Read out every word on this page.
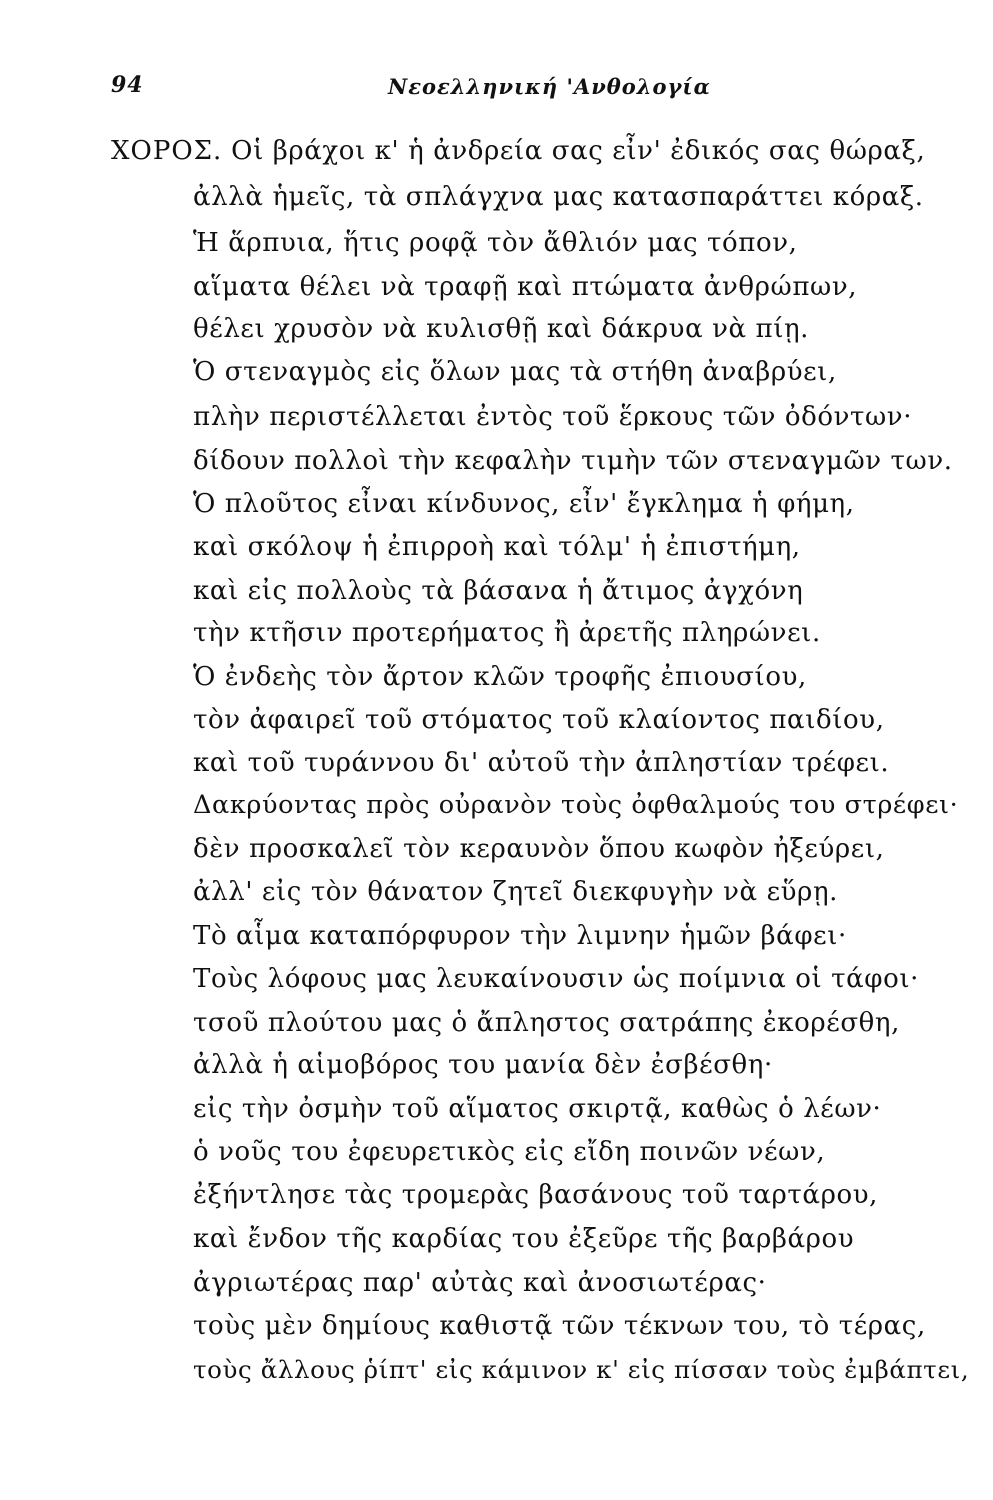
94	Νεοελληνική 'Ανθολογία
ΧΟΡΟΣ. Οἱ βράχοι κ' ἡ ἀνδρεία σας εἶν' ἐδικός σας θώραξ,
ἀλλὰ ἡμεῖς, τὰ σπλάγχνα μας κατασπαράττει κόραξ.
Ἡ ἅρπυια, ἥτις ροφᾷ τὸν ἄθλιόν μας τόπον,
αἵματα θέλει νὰ τραφῇ καὶ πτώματα ἀνθρώπων,
θέλει χρυσὸν νὰ κυλισθῇ καὶ δάκρυα νὰ πίῃ.
Ὁ στεναγμὸς εἰς ὅλων μας τὰ στήθη ἀναβρύει,
πλὴν περιστέλλεται ἐντὸς τοῦ ἕρκους τῶν ὀδόντων·
δίδουν πολλοὶ τὴν κεφαλὴν τιμὴν τῶν στεναγμῶν των.
Ὁ πλοῦτος εἶναι κίνδυνος, εἶν' ἔγκλημα ἡ φήμη,
καὶ σκόλοψ ἡ ἐπιρροὴ καὶ τόλμ' ἡ ἐπιστήμη,
καὶ εἰς πολλοὺς τὰ βάσανα ἡ ἄτιμος ἀγχόνη
τὴν κτῆσιν προτερήματος ἢ ἀρετῆς πληρώνει.
Ὁ ἐνδεὴς τὸν ἄρτον κλῶν τροφῆς ἐπιουσίου,
τὸν ἀφαιρεῖ τοῦ στόματος τοῦ κλαίοντος παιδίου,
καὶ τοῦ τυράννου δι' αὐτοῦ τὴν ἀπληστίαν τρέφει.
Δακρύοντας πρὸς οὐρανὸν τοὺς ὀφθαλμούς του στρέφει·
δὲν προσκαλεῖ τὸν κεραυνὸν ὅπου κωφὸν ἠξεύρει,
ἀλλ' εἰς τὸν θάνατον ζητεῖ διεκφυγὴν νὰ εὕρῃ.
Τὸ αἷμα καταπόρφυρον τὴν λιμνην ἡμῶν βάφει·
Τοὺς λόφους μας λευκαίνουσιν ὡς ποίμνια οἱ τάφοι·
τσοῦ πλούτου μας ὁ ἄπληστος σατράπης ἐκορέσθη,
ἀλλὰ ἡ αἱμοβόρος του μανία δὲν ἐσβέσθη·
εἰς τὴν ὀσμὴν τοῦ αἵματος σκιρτᾷ, καθὼς ὁ λέων·
ὁ νοῦς του ἐφευρετικὸς εἰς εἴδη ποινῶν νέων,
ἐξήντλησε τὰς τρομερὰς βασάνους τοῦ ταρτάρου,
καὶ ἔνδον τῆς καρδίας του ἐξεῦρε τῆς βαρβάρου
ἀγριωτέρας παρ' αὐτὰς καὶ ἀνοσιωτέρας·
τοὺς μὲν δημίους καθιστᾷ τῶν τέκνων του, τὸ τέρας,
τοὺς ἄλλους ῥίπτ' εἰς κάμινον κ' εἰς πίσσαν τοὺς ἐμβάπτει,
